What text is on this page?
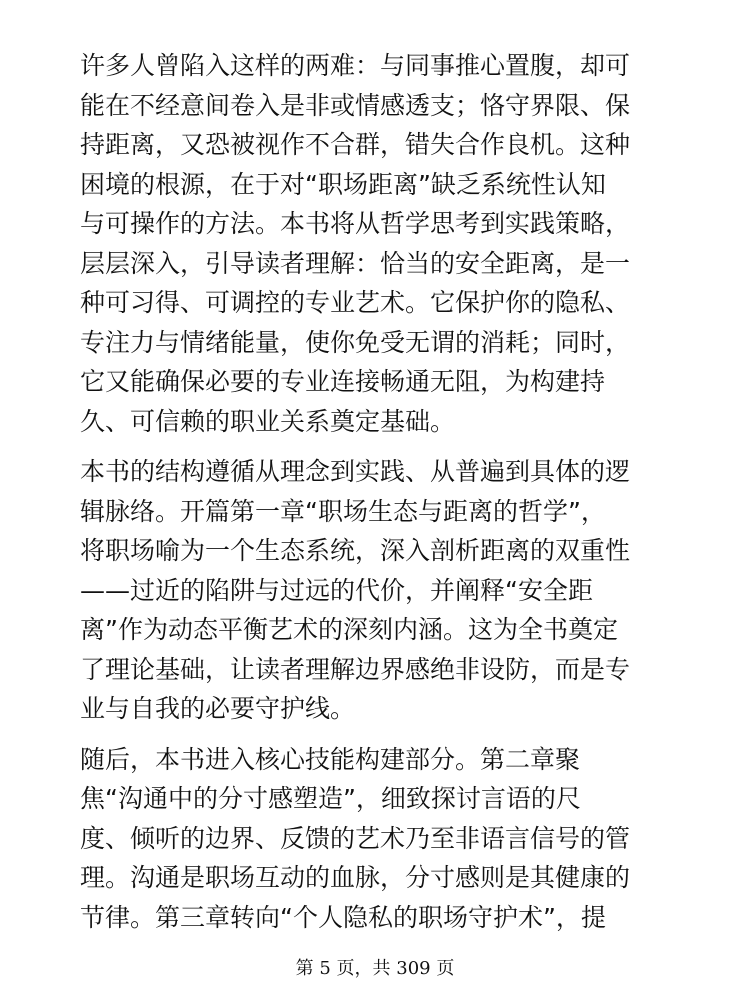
许多人曾陷入这样的两难：与同事推心置腹，却可
能在不经意间卷入是非或情感透支；恪守界限、保
持距离，又恐被视作不合群，错失合作良机。这种
困境的根源，在于对“职场距离”缺乏系统性认知
与可操作的方法。本书将从哲学思考到实践策略，
层层深入，引导读者理解：恰当的安全距离，是一
种可习得、可调控的专业艺术。它保护你的隐私、
专注力与情绪能量，使你免受无谓的消耗；同时，
它又能确保必要的专业连接畅通无阻，为构建持
久、可信赖的职业关系奠定基础。

本书的结构遵循从理念到实践、从普遍到具体的逻
辑脉络。开篇第一章“职场生态与距离的哲学”，
将职场喻为一个生态系统，深入剖析距离的双重性
——过近的陷阱与过远的代价，并阐释“安全距
离”作为动态平衡艺术的深刻内涵。这为全书奠定
了理论基础，让读者理解边界感绝非设防，而是专
业与自我的必要守护线。

随后，本书进入核心技能构建部分。第二章聚
焦“沟通中的分寸感塑造”，细致探讨言语的尺
度、倾听的边界、反馈的艺术乃至非语言信号的管
理。沟通是职场互动的血脉，分寸感则是其健康的
节律。第三章转向“个人隐私的职场守护术”，提

第 5 页，共 309 页
